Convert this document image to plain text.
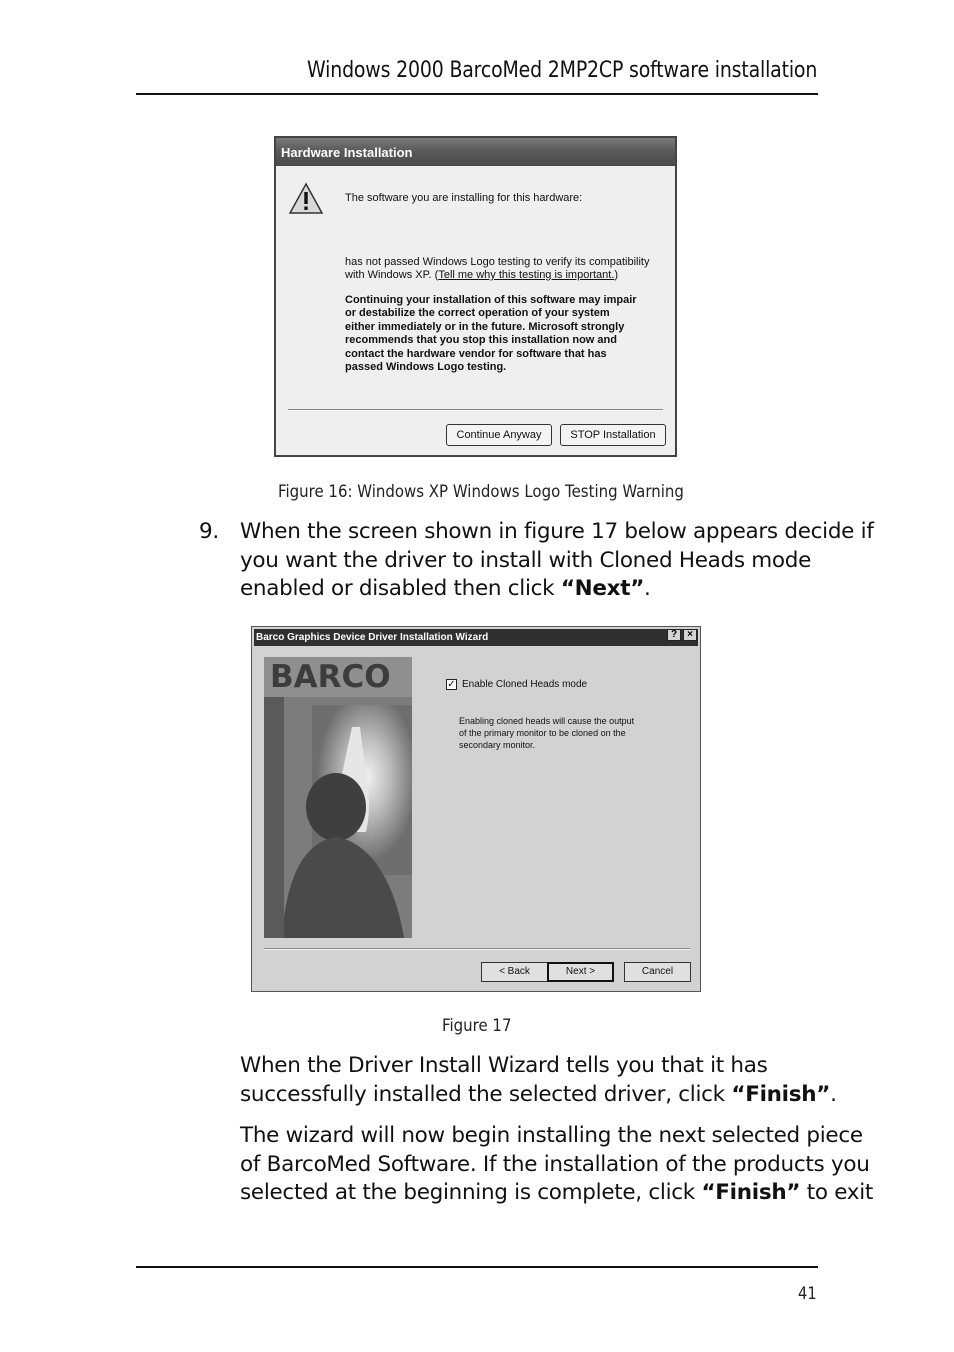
Windows 2000 BarcoMed 2MP2CP software installation
Hardware Installation
The software you are installing for this hardware:
has not passed Windows Logo testing to verify its compatibility
with Windows XP. (Tell me why this testing is important.)
Continuing your installation of this software may impair
or destabilize the correct operation of your system
either immediately or in the future. Microsoft strongly
recommends that you stop this installation now and
contact the hardware vendor for software that has
passed Windows Logo testing.
Continue Anyway	STOP Installation
Figure 16: Windows XP Windows Logo Testing Warning
9. When the screen shown in figure 17 below appears decide if
you want the driver to install with Cloned Heads mode
enabled or disabled then click “Next”.
Barco Graphics Device Driver Installation Wizard	?	×
BARCO	✓ Enable Cloned Heads mode
Enabling cloned heads will cause the output
of the primary monitor to be cloned on the
secondary monitor.
< Back	Next >	Cancel
Figure 17
When the Driver Install Wizard tells you that it has
successfully installed the selected driver, click “Finish”.
The wizard will now begin installing the next selected piece
of BarcoMed Software. If the installation of the products you
selected at the beginning is complete, click “Finish” to exit
41
